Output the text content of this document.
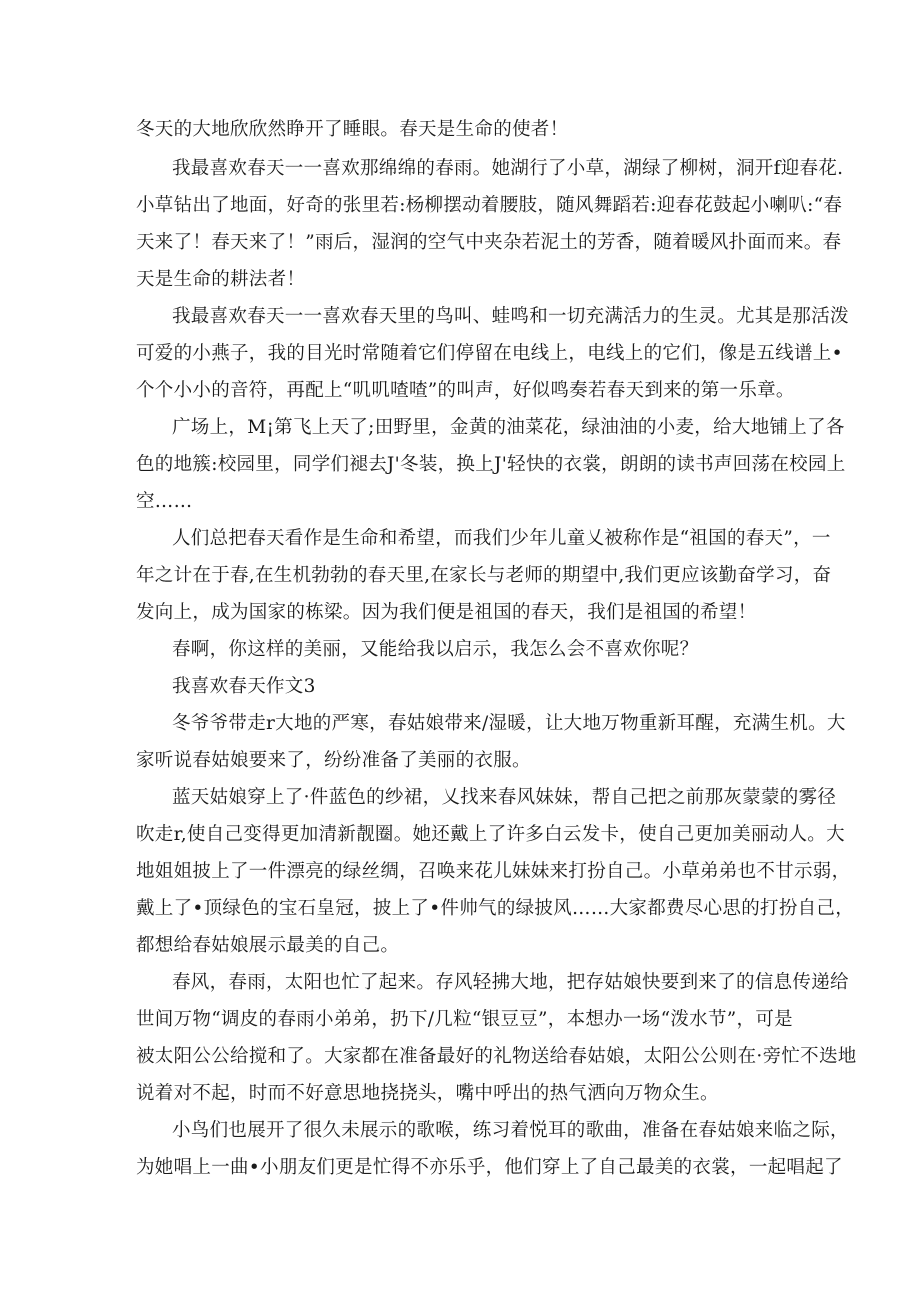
冬天的大地欣欣然睁开了睡眼。春天是生命的使者！
我最喜欢春天一一喜欢那绵绵的春雨。她湖行了小草，湖绿了柳树，洞开f迎春花.
小草钻出了地面，好奇的张里若:杨柳摆动着腰肢，随风舞蹈若:迎春花鼓起小喇叭:“春
天来了！春天来了！”雨后，湿润的空气中夹杂若泥土的芳香，随着暖风扑面而来。春
天是生命的耕法者！
我最喜欢春天一一喜欢春天里的鸟叫、蛙鸣和一切充满活力的生灵。尤其是那活泼
可爱的小燕子，我的目光时常随着它们停留在电线上，电线上的它们，像是五线谱上•
个个小小的音符，再配上“叽叽喳喳”的叫声，好似鸣奏若春天到来的第一乐章。
广场上，M¡第飞上天了;田野里，金黄的油菜花，绿油油的小麦，给大地铺上了各
色的地簇:校园里，同学们褪去J'冬装，换上J'轻快的衣裳，朗朗的读书声回荡在校园上
空……
人们总把春天看作是生命和希望，而我们少年儿童乂被称作是“祖国的春天”，一
年之计在于春,在生机勃勃的春天里,在家长与老师的期望中,我们更应该勤奋学习，奋
发向上，成为国家的栋梁。因为我们便是祖国的春天，我们是祖国的希望！
春啊，你这样的美丽，又能给我以启示，我怎么会不喜欢你呢？
我喜欢春天作文3
冬爷爷带走r大地的严寒，春姑娘带来/湿暖，让大地万物重新耳醒，充满生机。大
家听说春姑娘要来了，纷纷准备了美丽的衣服。
蓝天姑娘穿上了·件蓝色的纱裙，乂找来春风妹妹，帮自己把之前那灰蒙蒙的雾径
吹走r,使自己变得更加清新靓圈。她还戴上了许多白云发卡，使自己更加美丽动人。大
地姐姐披上了一件漂亮的绿丝绸，召唤来花儿妹妹来打扮自己。小草弟弟也不甘示弱，
戴上了•顶绿色的宝石皇冠，披上了•件帅气的绿披风……大家都费尽心思的打扮自己，
都想给春姑娘展示最美的自己。
春风，春雨，太阳也忙了起来。存风轻拂大地，把存姑娘快要到来了的信息传递给
世间万物“调皮的春雨小弟弟，扔下/几粒“银豆豆”，本想办一场“泼水节”，可是
被太阳公公给搅和了。大家都在准备最好的礼物送给春姑娘，太阳公公则在·旁忙不迭地
说着对不起，时而不好意思地挠挠头，嘴中呼出的热气洒向万物众生。
小鸟们也展开了很久未展示的歌喉，练习着悦耳的歌曲，准备在春姑娘来临之际，
为她唱上一曲•小朋友们更是忙得不亦乐乎，他们穿上了自己最美的衣裳，一起唱起了
